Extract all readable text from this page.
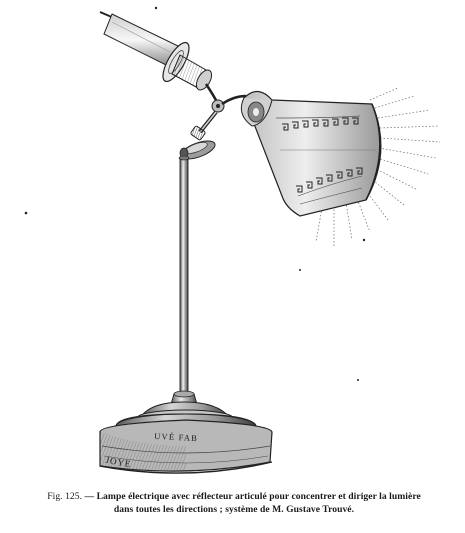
UVÉ FAB
JOYE
Fig. 125. — Lampe électrique avec réflecteur articulé pour concentrer et diriger la lumière
dans toutes les directions ; système de M. Gustave Trouvé.
